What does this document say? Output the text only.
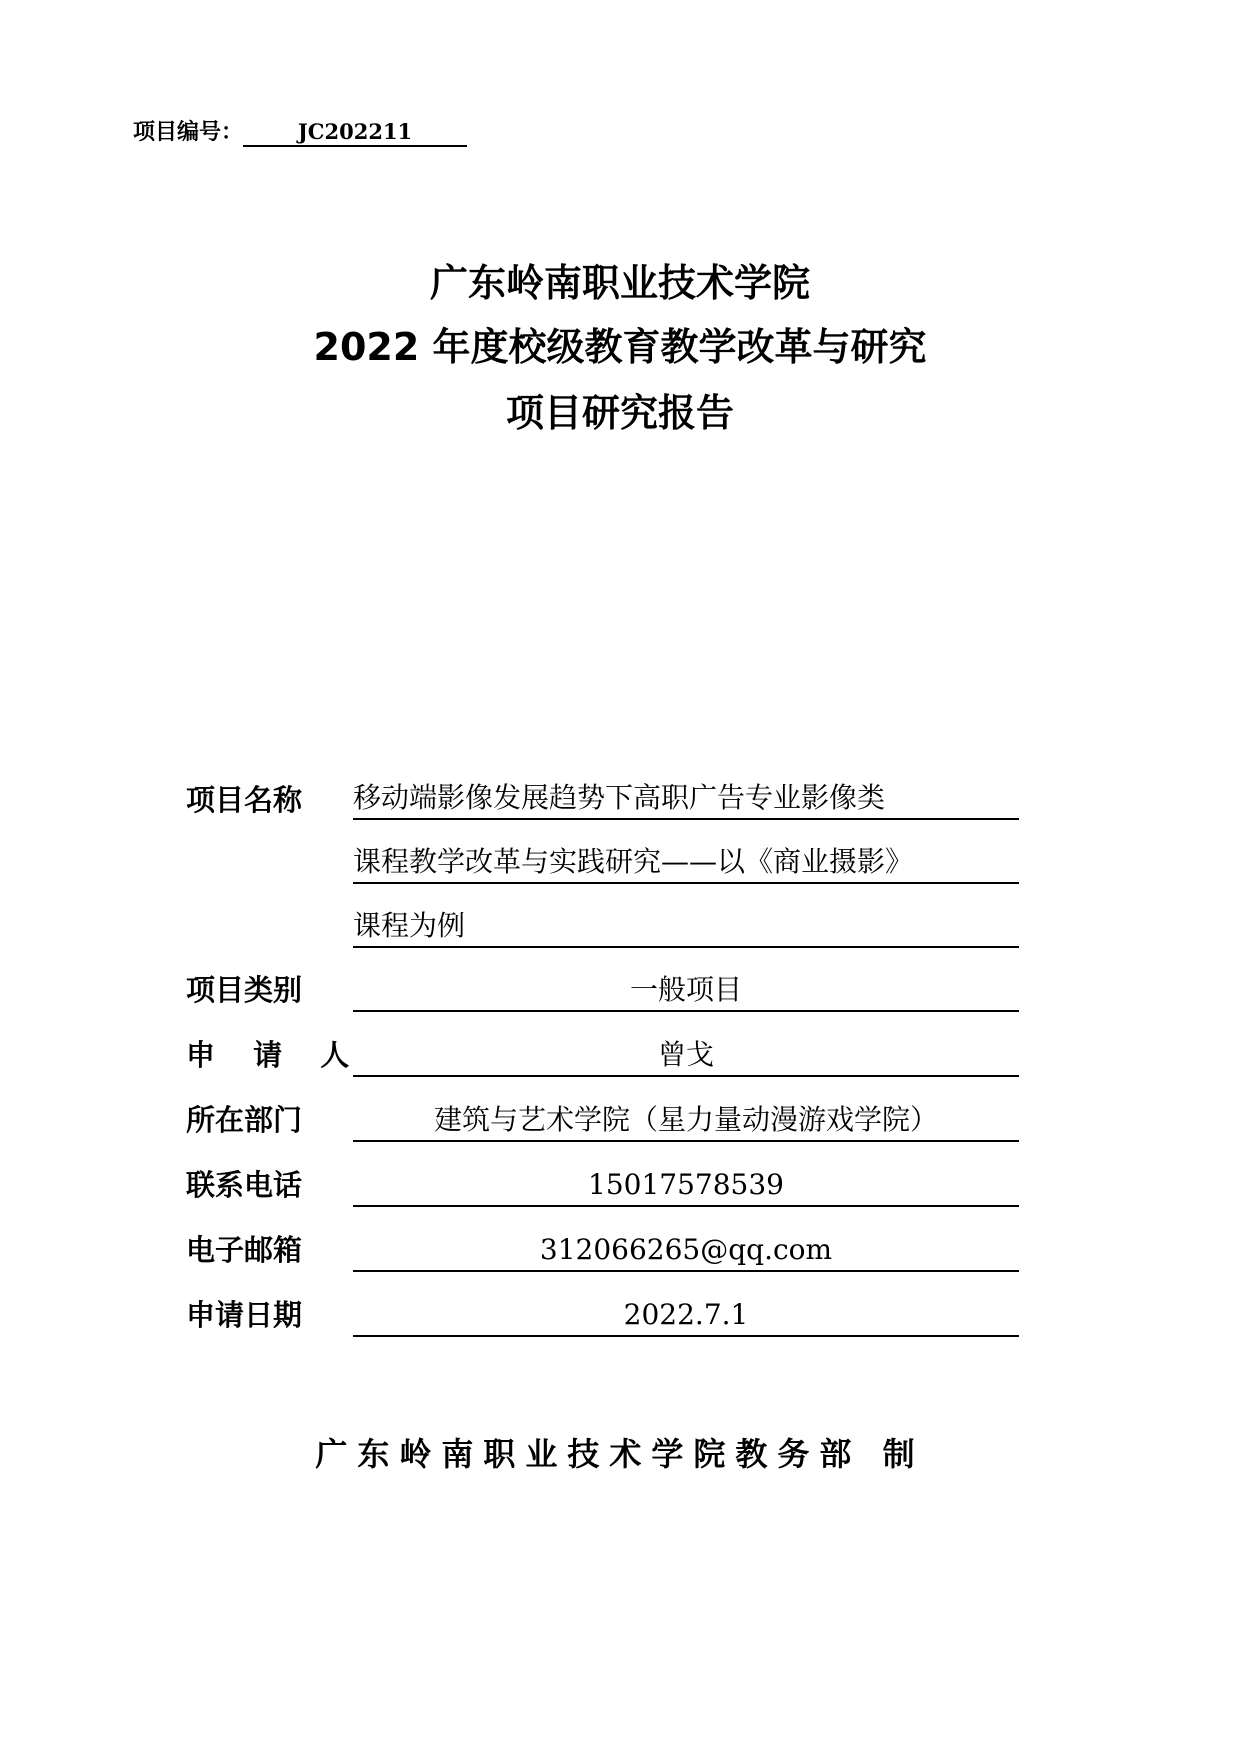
项目编号：	JC202211
广东岭南职业技术学院
2022 年度校级教育教学改革与研究
项目研究报告
项目名称	移动端影像发展趋势下高职广告专业影像类
课程教学改革与实践研究——以《商业摄影》
课程为例
项目类别	一般项目
申 请 人	曾戈
所在部门	建筑与艺术学院（星力量动漫游戏学院）
联系电话	15017578539
电子邮箱	312066265@qq.com
申请日期	2022.7.1
广东岭南职业技术学院教务部 制
